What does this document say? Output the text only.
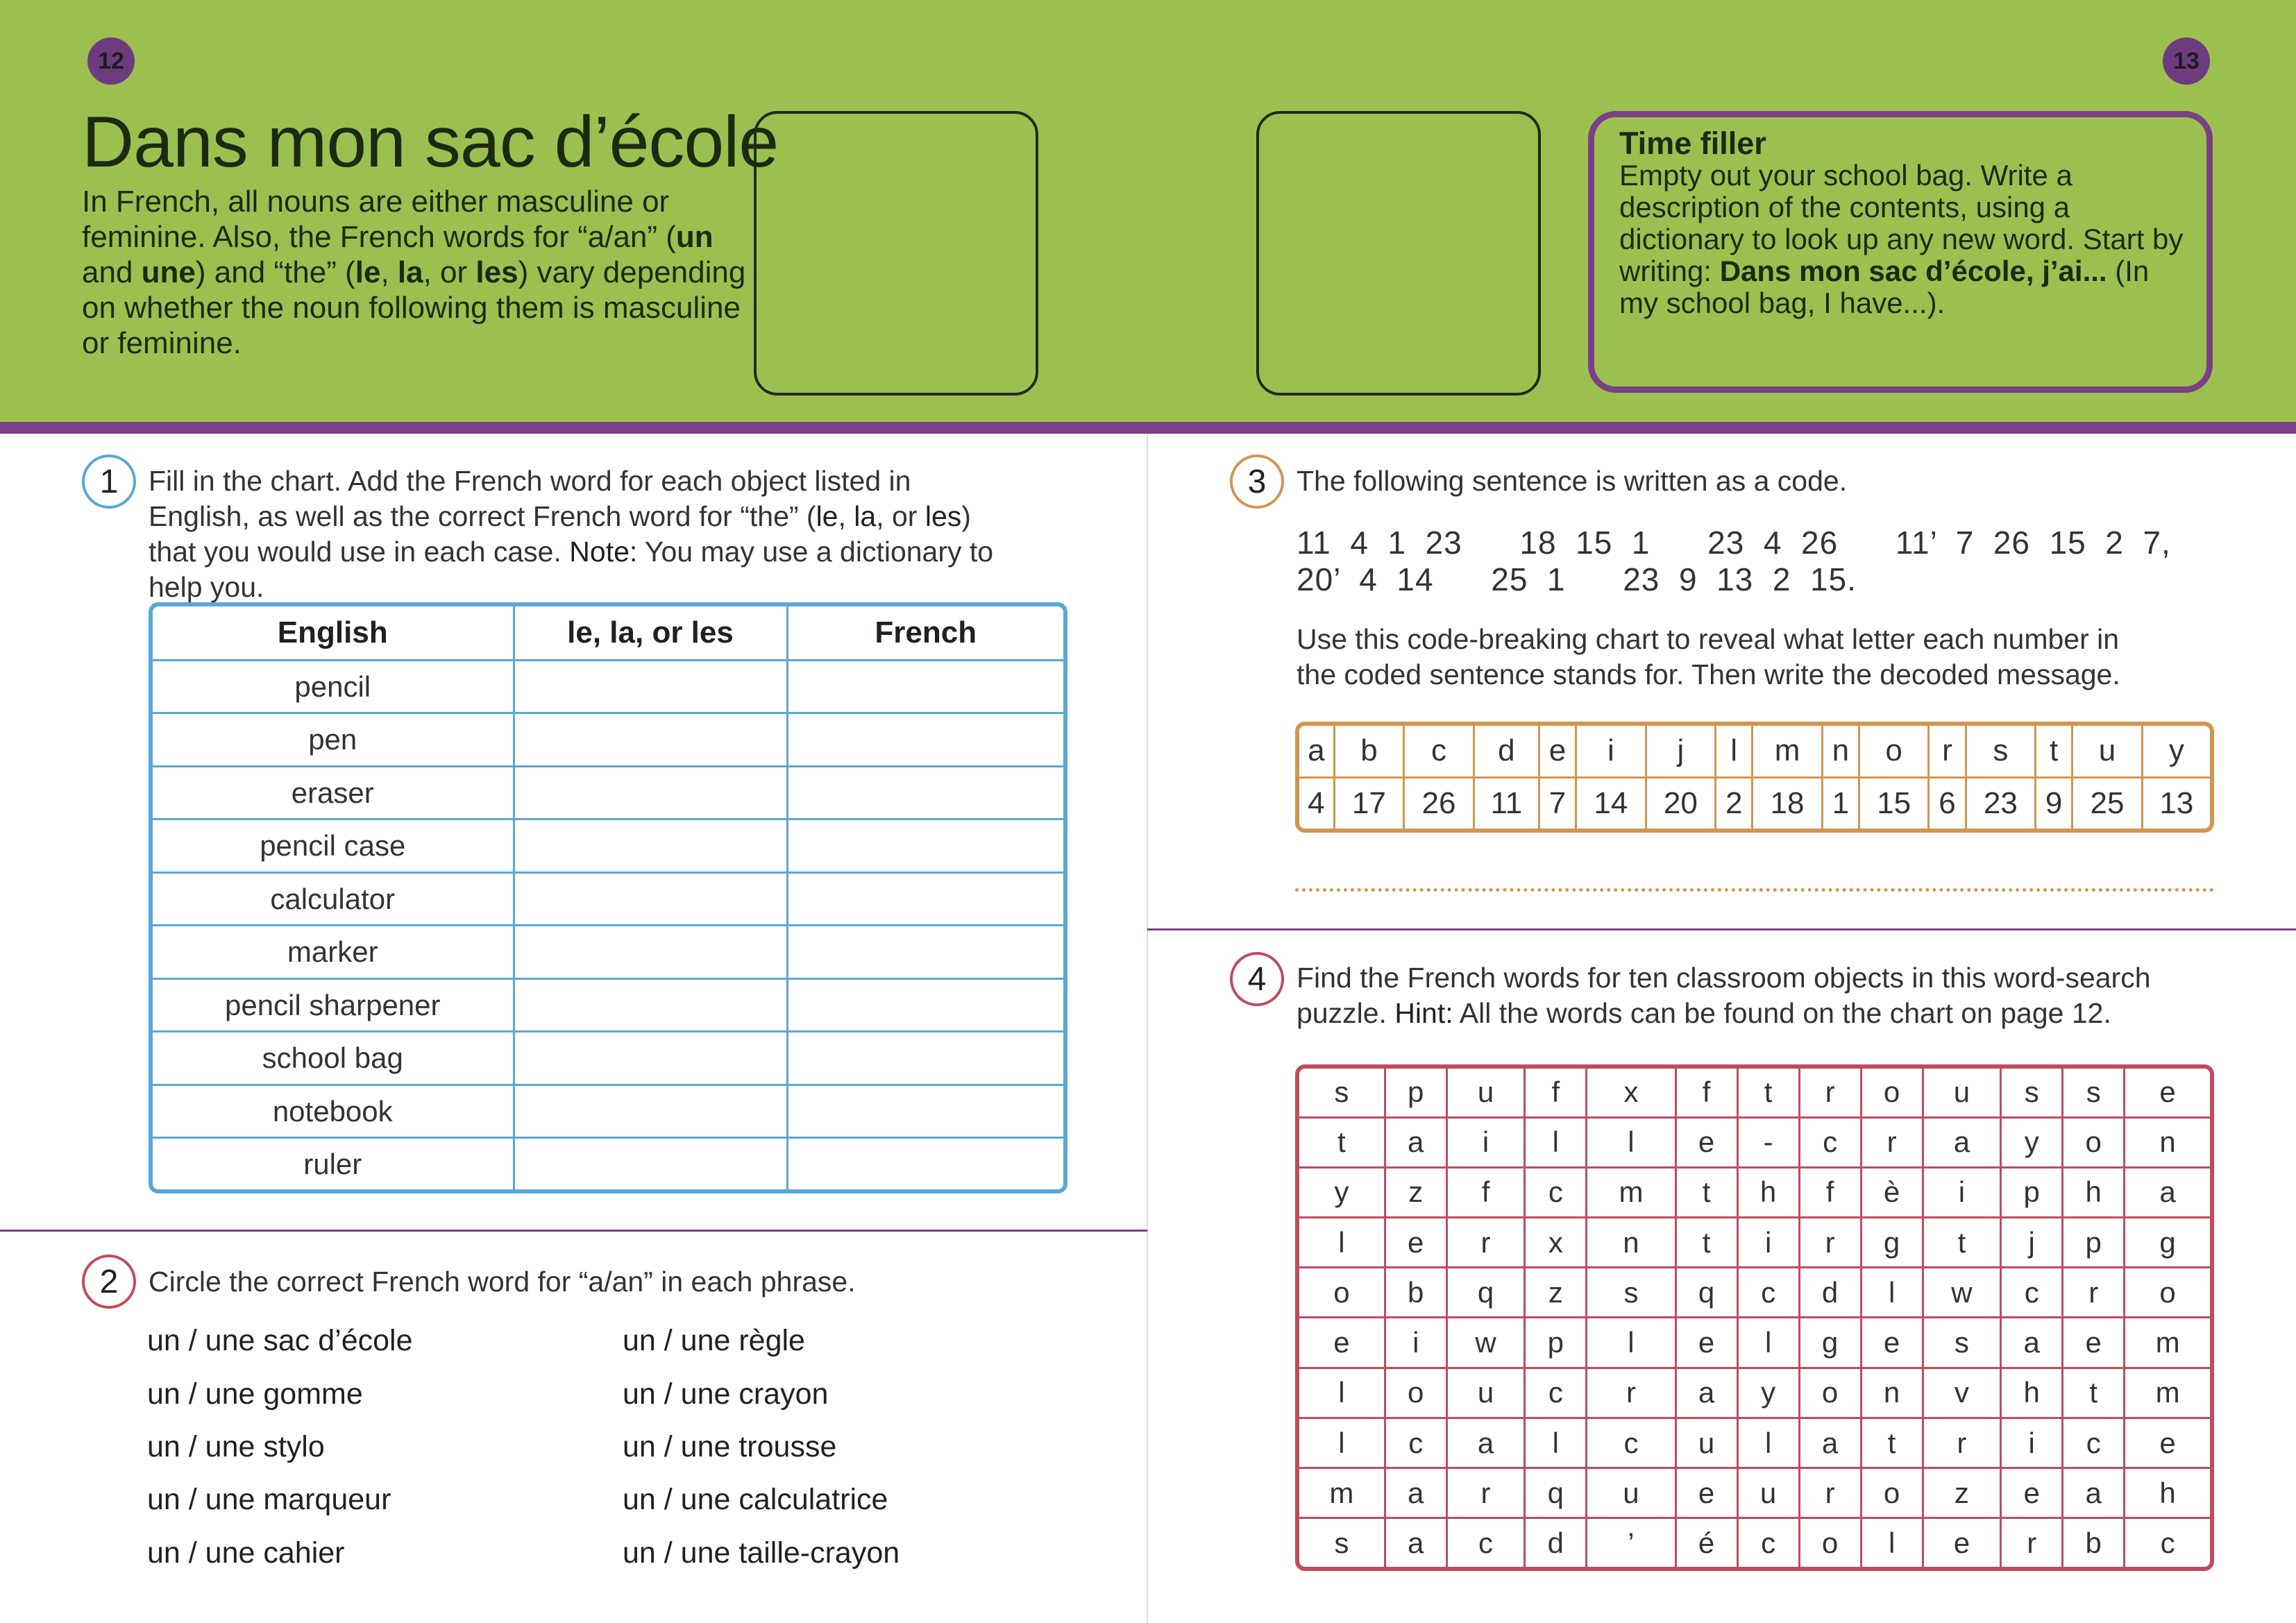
12	13
Dans mon sac d’école
In French, all nouns are either masculine or feminine. Also, the French words for “a/an” (un and une) and “the” (le, la, or les) vary depending on whether the noun following them is masculine or feminine.
Time filler
Empty out your school bag. Write a description of the contents, using a dictionary to look up any new word. Start by writing: Dans mon sac d’école, j’ai... (In my school bag, I have...).
1	Fill in the chart. Add the French word for each object listed in English, as well as the correct French word for “the” (le, la, or les) that you would use in each case. Note: You may use a dictionary to help you.
English	le, la, or les	French
pencil		
pen		
eraser		
pencil case		
calculator		
marker		
pencil sharpener		
school bag		
notebook		
ruler		
2	Circle the correct French word for “a/an” in each phrase.
un / une sac d’école
un / une gomme
un / une stylo
un / une marqueur
un / une cahier
un / une règle
un / une crayon
un / une trousse
un / une calculatrice
un / une taille-crayon
3	The following sentence is written as a code.
11  4  1  23      18  15  1      23  4  26      11’  7  26  15  2  7,
20’  4  14      25  1      23  9  13  2  15.
Use this code-breaking chart to reveal what letter each number in the coded sentence stands for. Then write the decoded message.
a	b	c	d	e	i	j	l	m	n	o	r	s	t	u	y
4	17	26	11	7	14	20	2	18	1	15	6	23	9	25	13
4	Find the French words for ten classroom objects in this word-search puzzle. Hint: All the words can be found on the chart on page 12.
s	p	u	f	x	f	t	r	o	u	s	s	e
t	a	i	l	l	e	-	c	r	a	y	o	n
y	z	f	c	m	t	h	f	è	i	p	h	a
l	e	r	x	n	t	i	r	g	t	j	p	g
o	b	q	z	s	q	c	d	l	w	c	r	o
e	i	w	p	l	e	l	g	e	s	a	e	m
l	o	u	c	r	a	y	o	n	v	h	t	m
l	c	a	l	c	u	l	a	t	r	i	c	e
m	a	r	q	u	e	u	r	o	z	e	a	h
s	a	c	d	’	é	c	o	l	e	r	b	c
